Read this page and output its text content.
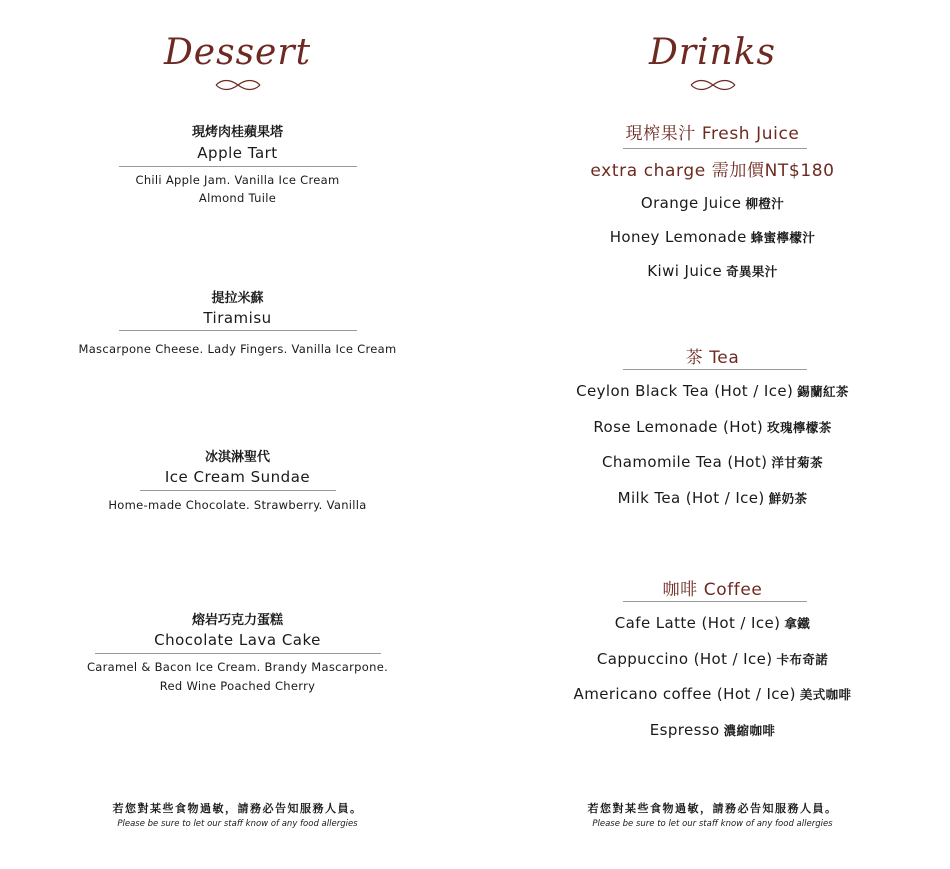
Dessert
現烤肉桂蘋果塔
Apple Tart
Chili Apple Jam. Vanilla Ice Cream
Almond Tuile
提拉米蘇
Tiramisu
Mascarpone Cheese. Lady Fingers. Vanilla Ice Cream
冰淇淋聖代
Ice Cream Sundae
Home-made Chocolate. Strawberry. Vanilla
熔岩巧克力蛋糕
Chocolate Lava Cake
Caramel & Bacon Ice Cream. Brandy Mascarpone.
Red Wine Poached Cherry
若您對某些食物過敏，請務必告知服務人員。
Please be sure to let our staff know of any food allergies
Drinks
現榨果汁 Fresh Juice
extra charge 需加價NT$180
Orange Juice 柳橙汁
Honey Lemonade 蜂蜜檸檬汁
Kiwi Juice 奇異果汁
茶 Tea
Ceylon Black Tea (Hot / Ice) 錫蘭紅茶
Rose Lemonade (Hot) 玫瑰檸檬茶
Chamomile Tea (Hot) 洋甘菊茶
Milk Tea (Hot / Ice) 鮮奶茶
咖啡 Coffee
Cafe Latte (Hot / Ice) 拿鐵
Cappuccino (Hot / Ice) 卡布奇諾
Americano coffee (Hot / Ice) 美式咖啡
Espresso 濃縮咖啡
若您對某些食物過敏，請務必告知服務人員。
Please be sure to let our staff know of any food allergies
